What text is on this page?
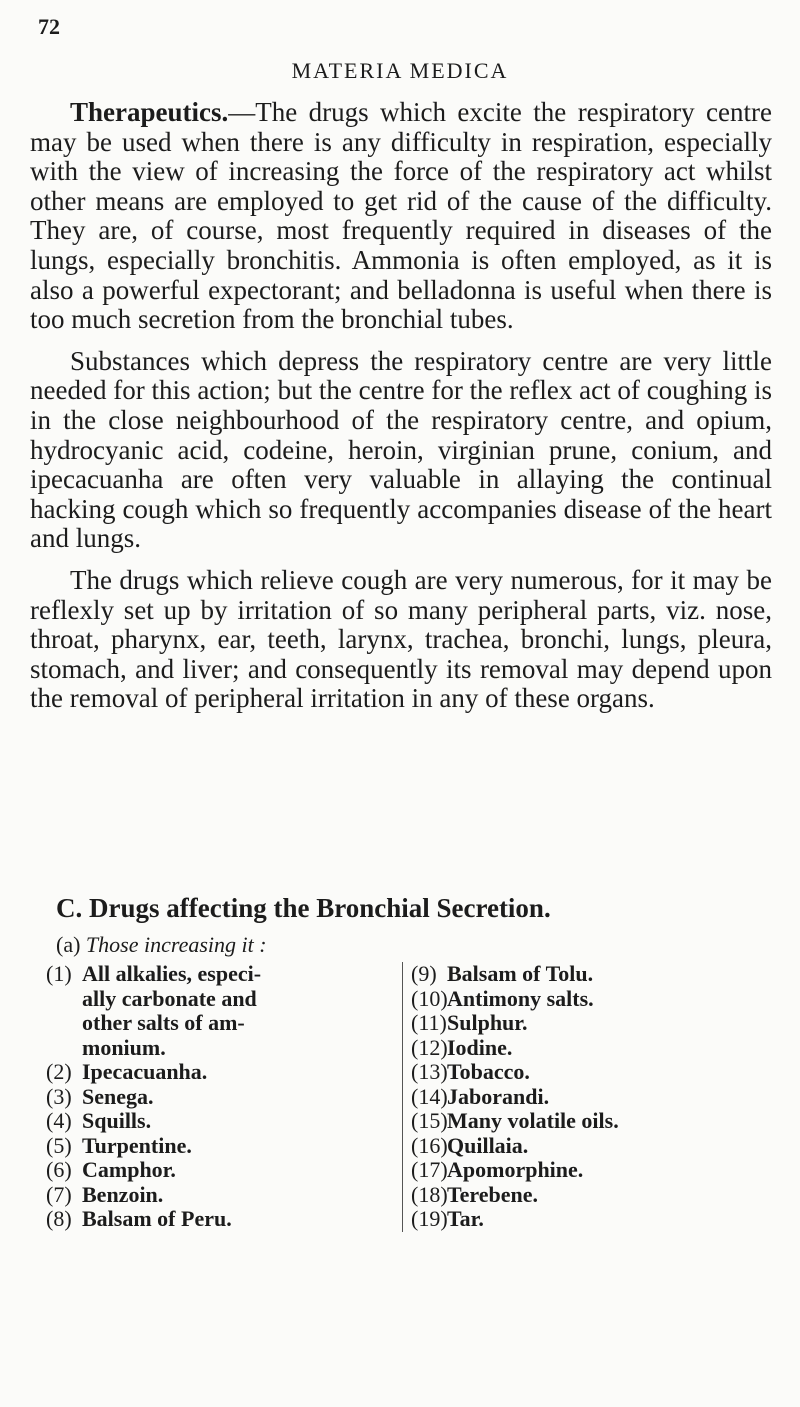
72
MATERIA MEDICA

Therapeutics.—The drugs which excite the respiratory centre may be used when there is any difficulty in respiration, especially with the view of increasing the force of the respiratory act whilst other means are employed to get rid of the cause of the difficulty. They are, of course, most frequently required in diseases of the lungs, especially bronchitis. Ammonia is often employed, as it is also a powerful expectorant; and belladonna is useful when there is too much secretion from the bronchial tubes.

Substances which depress the respiratory centre are very little needed for this action; but the centre for the reflex act of coughing is in the close neighbourhood of the respiratory centre, and opium, hydrocyanic acid, codeine, heroin, virginian prune, conium, and ipecacuanha are often very valuable in allaying the continual hacking cough which so frequently accompanies disease of the heart and lungs.

The drugs which relieve cough are very numerous, for it may be reflexly set up by irritation of so many peripheral parts, viz. nose, throat, pharynx, ear, teeth, larynx, trachea, bronchi, lungs, pleura, stomach, and liver; and consequently its removal may depend upon the removal of peripheral irritation in any of these organs.

C. Drugs affecting the Bronchial Secretion.
(a) Those increasing it :
(1) All alkalies, especi-
ally carbonate and
other salts of am-
monium.
(2) Ipecacuanha.
(3) Senega.
(4) Squills.
(5) Turpentine.
(6) Camphor.
(7) Benzoin.
(8) Balsam of Peru.
(9) Balsam of Tolu.
(10) Antimony salts.
(11) Sulphur.
(12) Iodine.
(13) Tobacco.
(14) Jaborandi.
(15) Many volatile oils.
(16) Quillaia.
(17) Apomorphine.
(18) Terebene.
(19) Tar.
